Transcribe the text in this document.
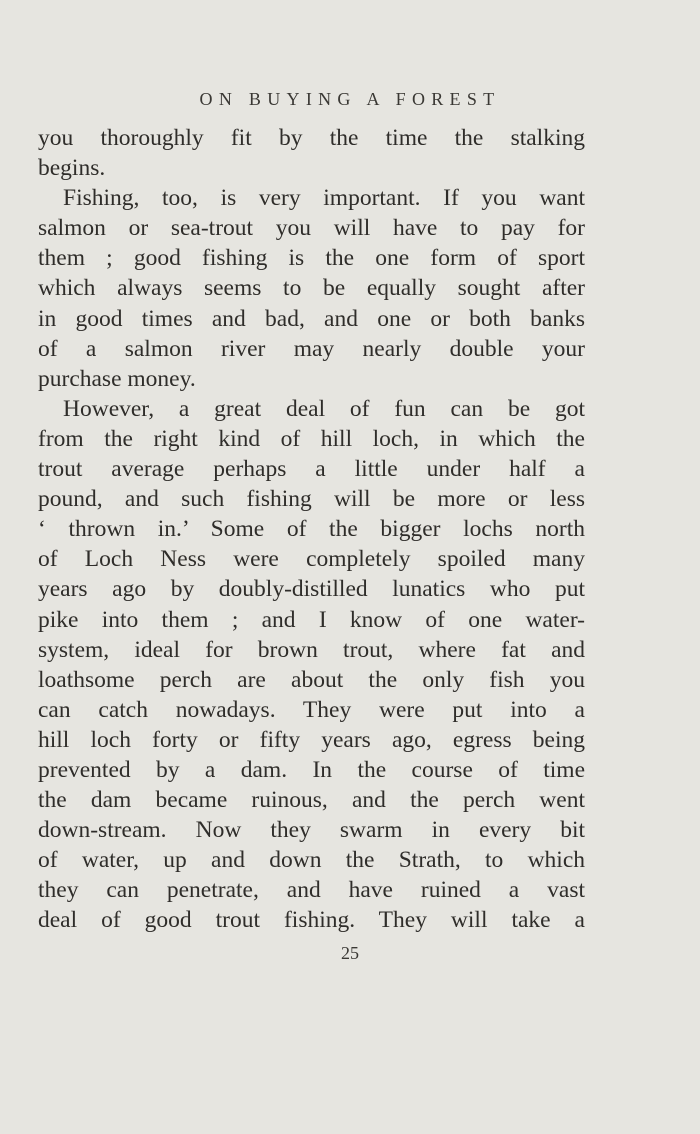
ON BUYING A FOREST
you thoroughly fit by the time the stalking
begins.
Fishing, too, is very important. If you want
salmon or sea-trout you will have to pay for
them ; good fishing is the one form of sport
which always seems to be equally sought after
in good times and bad, and one or both banks
of a salmon river may nearly double your
purchase money.
However, a great deal of fun can be got
from the right kind of hill loch, in which the
trout average perhaps a little under half a
pound, and such fishing will be more or less
‘ thrown in.’ Some of the bigger lochs north
of Loch Ness were completely spoiled many
years ago by doubly-distilled lunatics who put
pike into them ; and I know of one water-
system, ideal for brown trout, where fat and
loathsome perch are about the only fish you
can catch nowadays. They were put into a
hill loch forty or fifty years ago, egress being
prevented by a dam. In the course of time
the dam became ruinous, and the perch went
down-stream. Now they swarm in every bit
of water, up and down the Strath, to which
they can penetrate, and have ruined a vast
deal of good trout fishing. They will take a
25
